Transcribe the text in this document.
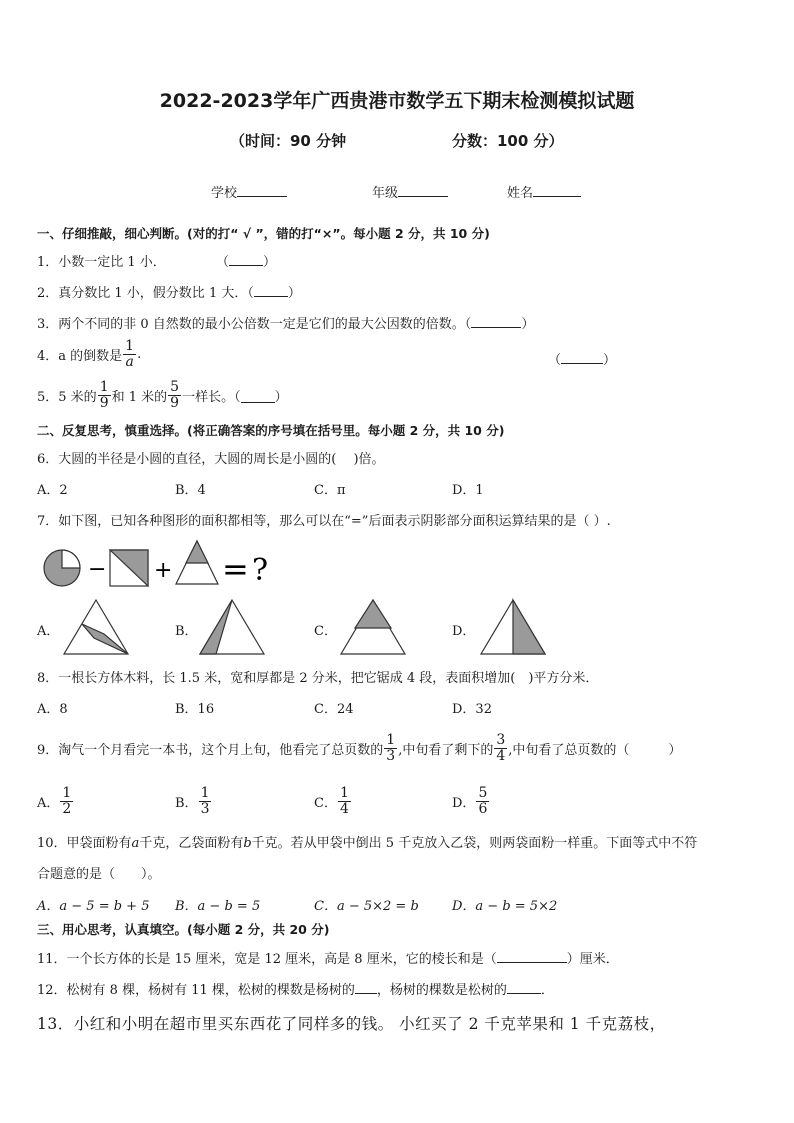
2022-2023学年广西贵港市数学五下期末检测模拟试题
（时间：90 分钟	分数：100 分）
学校	年级	姓名
一、仔细推敲，细心判断。(对的打“ √ ”，错的打“×”。每小题 2 分，共 10 分)
1．小数一定比 1 小．	（	）
2．真分数比 1 小，假分数比 1 大．（	）
3．两个不同的非 0 自然数的最小公倍数一定是它们的最大公因数的倍数。（	）
4．a 的倒数是 $\frac{1}{a}$ .	（	）
5．5 米的 $\frac{1}{9}$ 和 1 米的 $\frac{5}{9}$ 一样长。（	）
二、反复思考，慎重选择。(将正确答案的序号填在括号里。每小题 2 分，共 10 分)
6．大圆的半径是小圆的直径，大圆的周长是小圆的(　 )倍。
A．2	B．4	C．π	D．1
7．如下图，已知各种图形的面积都相等，那么可以在“=”后面表示阴影部分面积运算结果的是（ ）.
− + = ?
A．	B．	C．	D．
8．一根长方体木料，长 1.5 米，宽和厚都是 2 分米，把它锯成 4 段，表面积增加(　)平方分米．
A．8	B．16	C．24	D．32
9．淘气一个月看完一本书，这个月上旬，他看完了总页数的 $\frac{1}{3}$ ,中旬看了剩下的 $\frac{3}{4}$ ,中旬看了总页数的（　　　）
A． $\frac{1}{2}$	B． $\frac{1}{3}$	C． $\frac{1}{4}$	D． $\frac{5}{6}$
10．甲袋面粉有a千克，乙袋面粉有b千克。若从甲袋中倒出 5 千克放入乙袋，则两袋面粉一样重。下面等式中不符
合题意的是（　　）。
A．a − 5 = b + 5 B．a − b = 5	C．a − 5×2 = b	D．a − b = 5×2
三、用心思考，认真填空。(每小题 2 分，共 20 分)
11．一个长方体的长是 15 厘米，宽是 12 厘米，高是 8 厘米，它的棱长和是（	）厘米．
12．松树有 8 棵，杨树有 11 棵，松树的棵数是杨树的 ，杨树的棵数是松树的	．
13．小红和小明在超市里买东西花了同样多的钱。 小红买了 2 千克苹果和 1 千克荔枝，
